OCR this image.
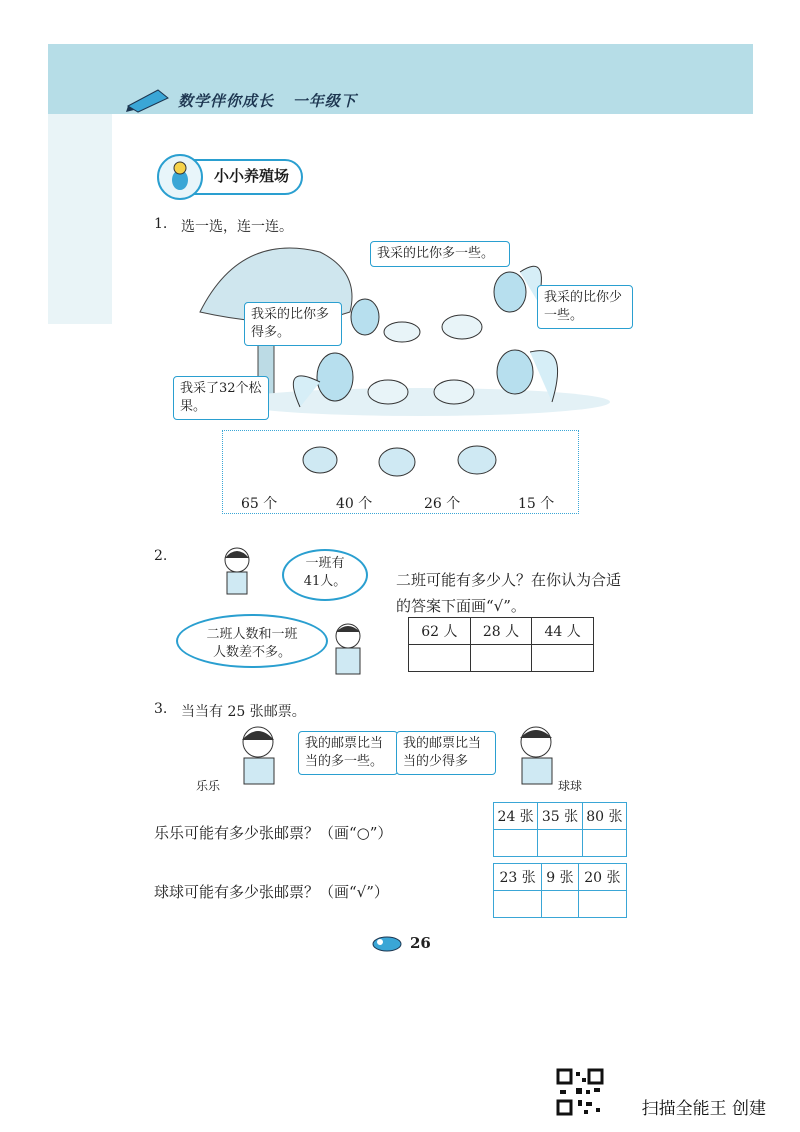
数学伴你成长 一年级下
小小养殖场
1. 选一选，连一连。
我采的比你多一些。
我采的比你少一些。
我采的比你多得多。
我采了32个松果。
65 个	40 个	26 个	15 个
2.	一班有41人。
二班人数和一班人数差不多。
二班可能有多少人？在你认为合适的答案下面画“√”。
62 人	28 人	44 人

3. 当当有 25 张邮票。
乐乐
我的邮票比当当的多一些。
我的邮票比当当的少得多
球球
乐乐可能有多少张邮票？（画“○”）
24 张	35 张	80 张

球球可能有多少张邮票？（画“√”）
23 张	9 张	20 张

26
扫描全能王 创建
